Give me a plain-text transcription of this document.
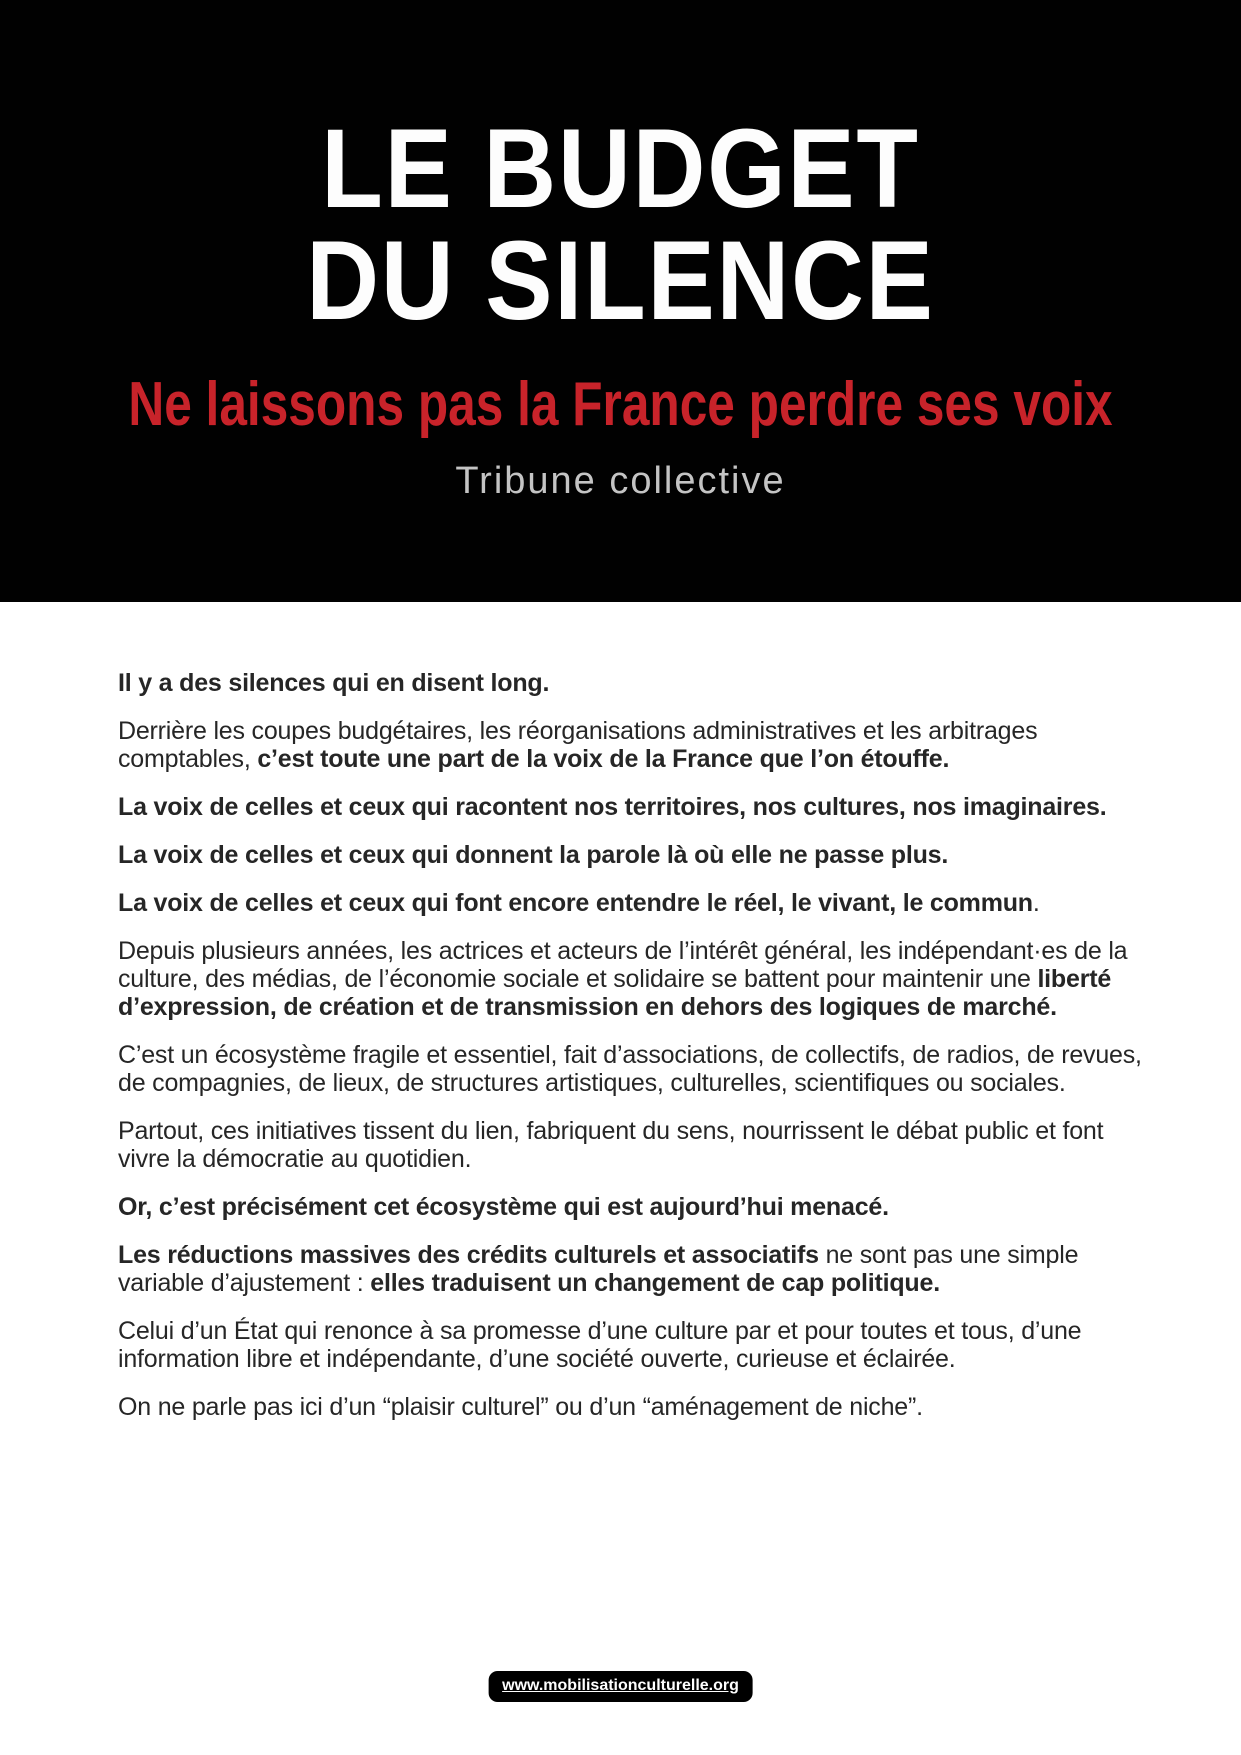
LE BUDGET
DU SILENCE
Ne laissons pas la France perdre ses voix
Tribune collective

Il y a des silences qui en disent long.

Derrière les coupes budgétaires, les réorganisations administratives et les arbitrages comptables, c’est toute une part de la voix de la France que l’on étouffe.

La voix de celles et ceux qui racontent nos territoires, nos cultures, nos imaginaires.

La voix de celles et ceux qui donnent la parole là où elle ne passe plus.

La voix de celles et ceux qui font encore entendre le réel, le vivant, le commun.

Depuis plusieurs années, les actrices et acteurs de l’intérêt général, les indépendant·es de la culture, des médias, de l’économie sociale et solidaire se battent pour maintenir une liberté d’expression, de création et de transmission en dehors des logiques de marché.

C’est un écosystème fragile et essentiel, fait d’associations, de collectifs, de radios, de revues, de compagnies, de lieux, de structures artistiques, culturelles, scientifiques ou sociales.

Partout, ces initiatives tissent du lien, fabriquent du sens, nourrissent le débat public et font vivre la démocratie au quotidien.

Or, c’est précisément cet écosystème qui est aujourd’hui menacé.

Les réductions massives des crédits culturels et associatifs ne sont pas une simple variable d’ajustement : elles traduisent un changement de cap politique.

Celui d’un État qui renonce à sa promesse d’une culture par et pour toutes et tous, d’une information libre et indépendante, d’une société ouverte, curieuse et éclairée.

On ne parle pas ici d’un “plaisir culturel” ou d’un “aménagement de niche”.

www.mobilisationculturelle.org
